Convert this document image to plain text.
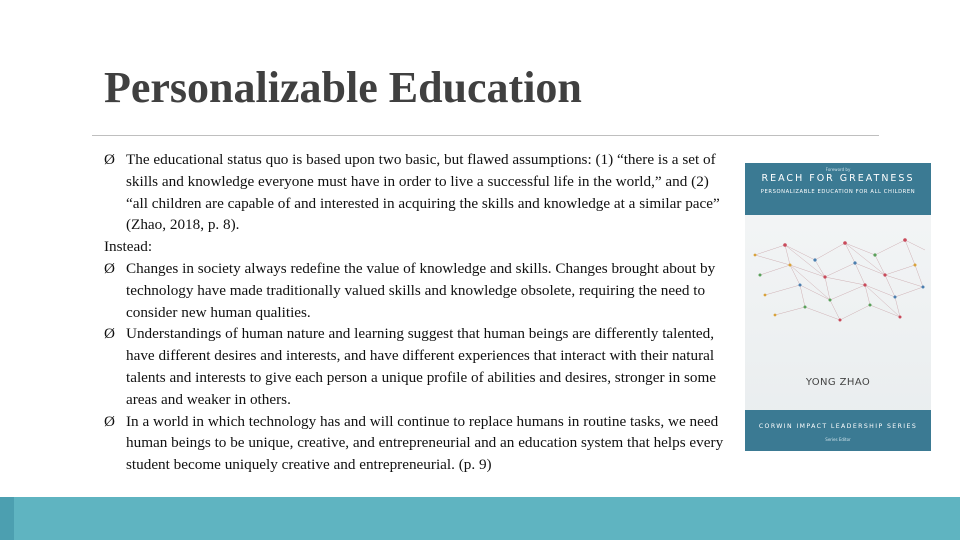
Personalizable Education
Ø The educational status quo is based upon two basic, but flawed assumptions: (1) “there is a set of skills and knowledge everyone must have in order to live a successful life in the world,” and (2) “all children are capable of and interested in acquiring the skills and knowledge at a similar pace” (Zhao, 2018, p. 8).
Instead:
Ø Changes in society always redefine the value of knowledge and skills. Changes brought about by technology have made traditionally valued skills and knowledge obsolete, requiring the need to consider new human qualities.
Ø Understandings of human nature and learning suggest that human beings are differently talented, have different desires and interests, and have different experiences that interact with their natural talents and interests to give each person a unique profile of abilities and desires, stronger in some areas and weaker in others.
Ø In a world in which technology has and will continue to replace humans in routine tasks, we need human beings to be unique, creative, and entrepreneurial and an education system that helps every student become uniquely creative and entrepreneurial. (p. 9)
Foreword by
REACH FOR GREATNESS
PERSONALIZABLE EDUCATION FOR ALL CHILDREN
YONG ZHAO
CORWIN IMPACT LEADERSHIP SERIES
Series Editor
